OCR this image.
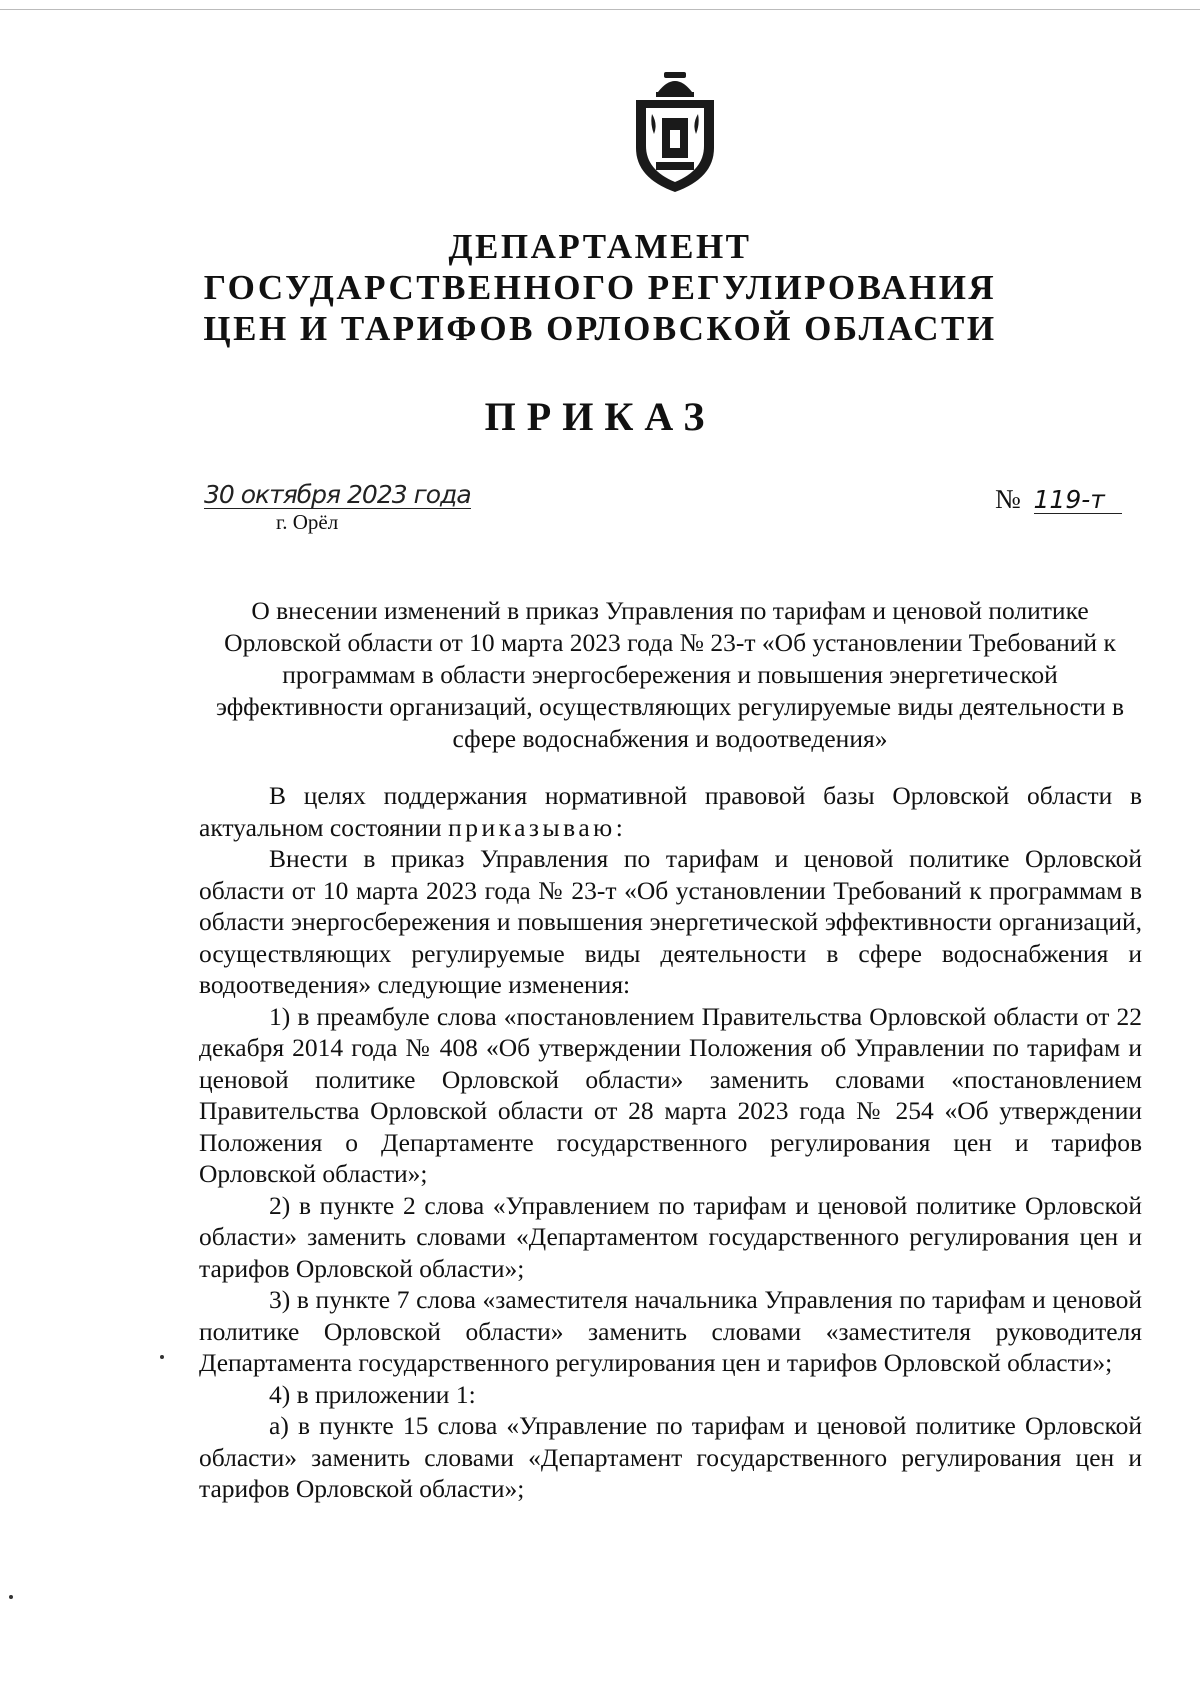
ДЕПАРТАМЕНТ
ГОСУДАРСТВЕННОГО РЕГУЛИРОВАНИЯ
ЦЕН И ТАРИФОВ ОРЛОВСКОЙ ОБЛАСТИ
ПРИКАЗ
30 октября 2023 года
г. Орёл
№ 119-т
О внесении изменений в приказ Управления по тарифам и ценовой политике Орловской области от 10 марта 2023 года № 23-т «Об установлении Требований к программам в области энергосбережения и повышения энергетической эффективности организаций, осуществляющих регулируемые виды деятельности в сфере водоснабжения и водоотведения»

В целях поддержания нормативной правовой базы Орловской области в актуальном состоянии приказываю:

Внести в приказ Управления по тарифам и ценовой политике Орловской области от 10 марта 2023 года № 23-т «Об установлении Требований к программам в области энергосбережения и повышения энергетической эффективности организаций, осуществляющих регулируемые виды деятельности в сфере водоснабжения и водоотведения» следующие изменения:

1) в преамбуле слова «постановлением Правительства Орловской области от 22 декабря 2014 года № 408 «Об утверждении Положения об Управлении по тарифам и ценовой политике Орловской области» заменить словами «постановлением Правительства Орловской области от 28 марта 2023 года № 254 «Об утверждении Положения о Департаменте государственного регулирования цен и тарифов Орловской области»;

2) в пункте 2 слова «Управлением по тарифам и ценовой политике Орловской области» заменить словами «Департаментом государственного регулирования цен и тарифов Орловской области»;

3) в пункте 7 слова «заместителя начальника Управления по тарифам и ценовой политике Орловской области» заменить словами «заместителя руководителя Департамента государственного регулирования цен и тарифов Орловской области»;

4) в приложении 1:

а) в пункте 15 слова «Управление по тарифам и ценовой политике Орловской области» заменить словами «Департамент государственного регулирования цен и тарифов Орловской области»;
